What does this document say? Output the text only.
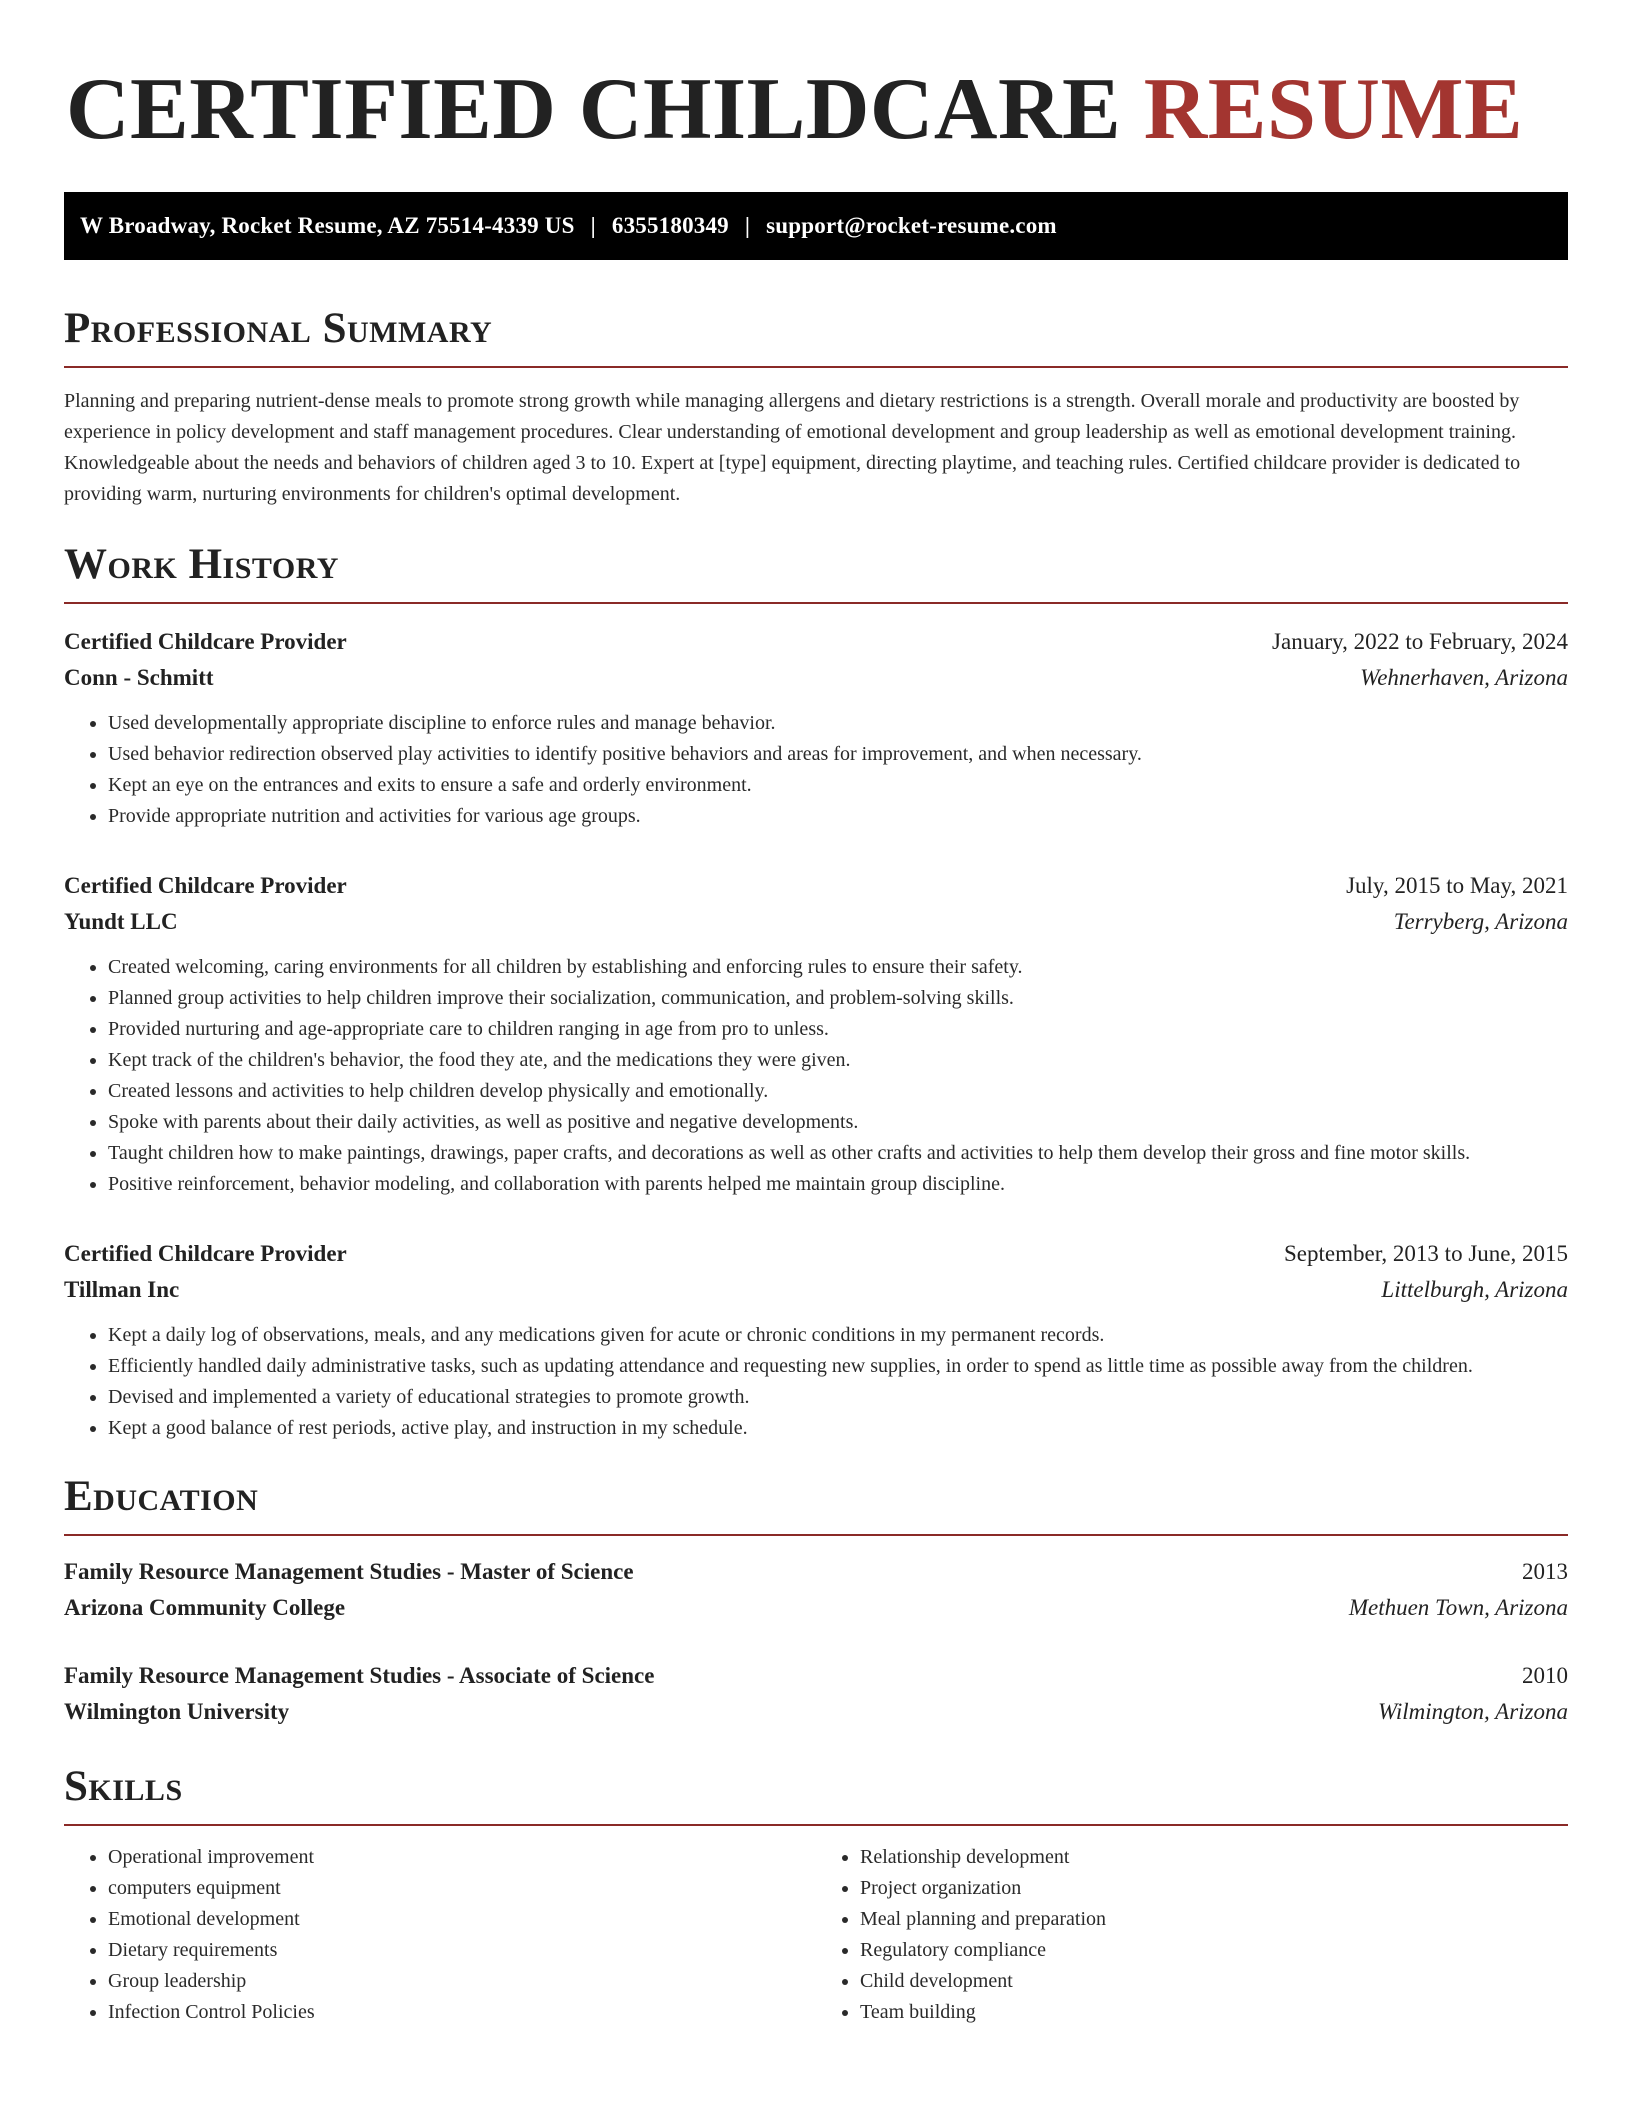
CERTIFIED CHILDCARE RESUME
W Broadway, Rocket Resume, AZ 75514-4339 US | 6355180349 | support@rocket-resume.com
Professional Summary

Planning and preparing nutrient-dense meals to promote strong growth while managing allergens and dietary restrictions is a strength. Overall morale and productivity are boosted by experience in policy development and staff management procedures. Clear understanding of emotional development and group leadership as well as emotional development training. Knowledgeable about the needs and behaviors of children aged 3 to 10. Expert at [type] equipment, directing playtime, and teaching rules. Certified childcare provider is dedicated to providing warm, nurturing environments for children's optimal development.

Work History
Certified Childcare Provider	January, 2022 to February, 2024
Conn - Schmitt	Wehnerhaven, Arizona
• Used developmentally appropriate discipline to enforce rules and manage behavior.
• Used behavior redirection observed play activities to identify positive behaviors and areas for improvement, and when necessary.
• Kept an eye on the entrances and exits to ensure a safe and orderly environment.
• Provide appropriate nutrition and activities for various age groups.
Certified Childcare Provider	July, 2015 to May, 2021
Yundt LLC	Terryberg, Arizona
• Created welcoming, caring environments for all children by establishing and enforcing rules to ensure their safety.
• Planned group activities to help children improve their socialization, communication, and problem-solving skills.
• Provided nurturing and age-appropriate care to children ranging in age from pro to unless.
• Kept track of the children's behavior, the food they ate, and the medications they were given.
• Created lessons and activities to help children develop physically and emotionally.
• Spoke with parents about their daily activities, as well as positive and negative developments.
• Taught children how to make paintings, drawings, paper crafts, and decorations as well as other crafts and activities to help them develop their gross and fine motor skills.
• Positive reinforcement, behavior modeling, and collaboration with parents helped me maintain group discipline.
Certified Childcare Provider	September, 2013 to June, 2015
Tillman Inc	Littelburgh, Arizona
• Kept a daily log of observations, meals, and any medications given for acute or chronic conditions in my permanent records.
• Efficiently handled daily administrative tasks, such as updating attendance and requesting new supplies, in order to spend as little time as possible away from the children.
• Devised and implemented a variety of educational strategies to promote growth.
• Kept a good balance of rest periods, active play, and instruction in my schedule.
Education
Family Resource Management Studies - Master of Science	2013
Arizona Community College	Methuen Town, Arizona
Family Resource Management Studies - Associate of Science	2010
Wilmington University	Wilmington, Arizona
Skills
• Operational improvement
• computers equipment
• Emotional development
• Dietary requirements
• Group leadership
• Infection Control Policies
• Relationship development
• Project organization
• Meal planning and preparation
• Regulatory compliance
• Child development
• Team building
